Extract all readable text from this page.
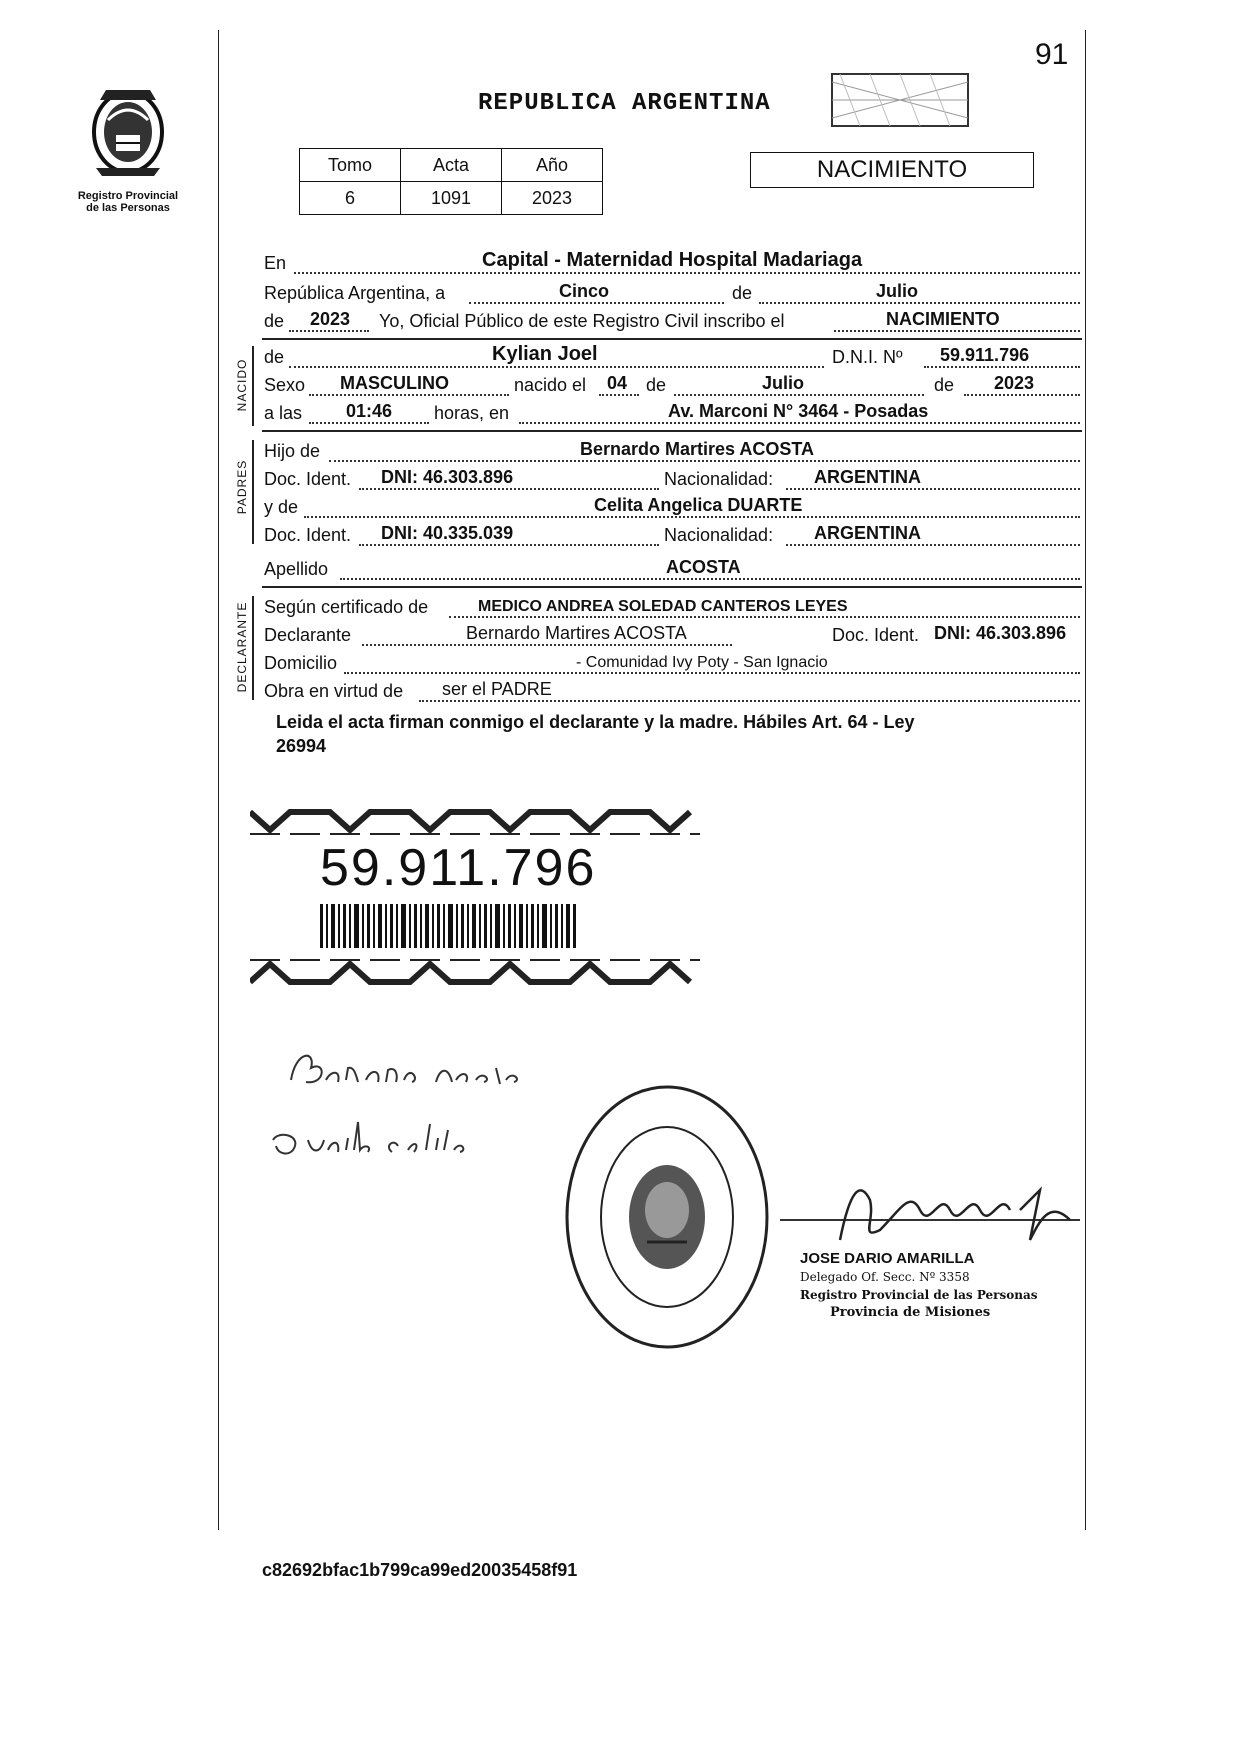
Registro Provincial
de las Personas
91
REPUBLICA ARGENTINA
Tomo	Acta	Año
6	1091	2023
NACIMIENTO
En	Capital - Maternidad Hospital Madariaga
República Argentina, a	Cinco	de	Julio
de 2023 Yo, Oficial Público de este Registro Civil inscribo el	NACIMIENTO
NACIDO
de	Kylian Joel	D.N.I. Nº 59.911.796
Sexo MASCULINO	nacido el 04 de	Julio	de 2023
a las 01:46 horas, en	Av. Marconi N° 3464 - Posadas
PADRES
Hijo de	Bernardo Martires ACOSTA
Doc. Ident. DNI: 46.303.896	Nacionalidad: ARGENTINA
y de	Celita Angelica DUARTE
Doc. Ident. DNI: 40.335.039	Nacionalidad: ARGENTINA
Apellido	ACOSTA
DECLARANTE Según certificado de	MEDICO ANDREA SOLEDAD CANTEROS LEYES
Declarante	Bernardo Martires ACOSTA	Doc. Ident. DNI: 46.303.896
Domicilio	- Comunidad Ivy Poty - San Ignacio
Obra en virtud de ser el PADRE
Leida el acta firman conmigo el declarante y la madre. Hábiles Art. 64 - Ley
26994
59.911.796
JOSE DARIO AMARILLA
Delegado Of. Secc. Nº 3358
Registro Provincial de las Personas
Provincia de Misiones
c82692bfac1b799ca99ed20035458f91
